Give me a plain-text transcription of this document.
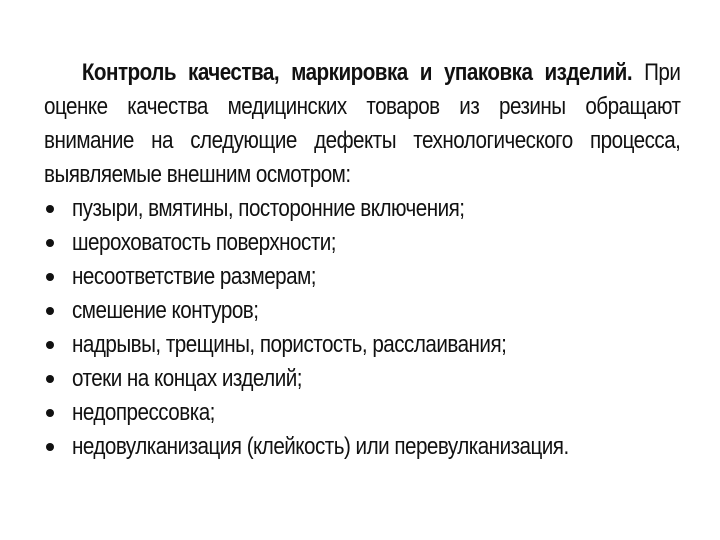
Контроль качества, маркировка и упаковка изделий. При оценке качества медицинских товаров из резины обращают внимание на следующие дефекты технологического процесса, выявляемые внешним осмотром:

пузыри, вмятины, посторонние включения;
шероховатость поверхности;
несоответствие размерам;
смешение контуров;
надрывы, трещины, пористость, расслаивания;
отеки на концах изделий;
недопрессовка;
недовулканизация (клейкость) или перевулканизация.
